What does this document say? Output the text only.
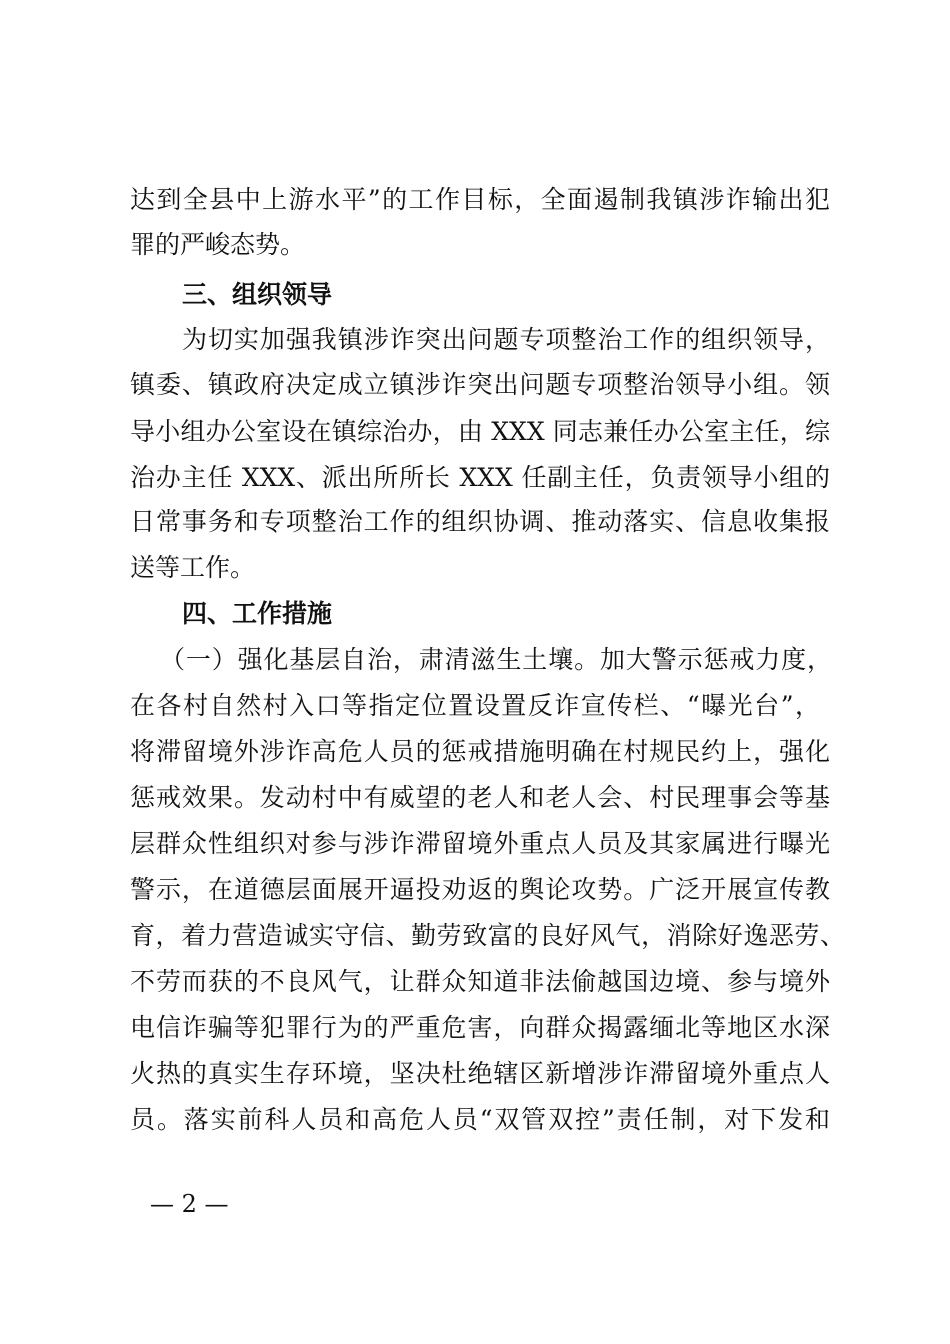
达到全县中上游水平”的工作目标，全面遏制我镇涉诈输出犯
罪的严峻态势。
三、组织领导
为切实加强我镇涉诈突出问题专项整治工作的组织领导，
镇委、镇政府决定成立镇涉诈突出问题专项整治领导小组。领
导小组办公室设在镇综治办，由 XXX 同志兼任办公室主任，综
治办主任 XXX、派出所所长 XXX 任副主任，负责领导小组的
日常事务和专项整治工作的组织协调、推动落实、信息收集报
送等工作。
四、工作措施
（一）强化基层自治，肃清滋生土壤。加大警示惩戒力度，
在各村自然村入口等指定位置设置反诈宣传栏、“曝光台”，
将滞留境外涉诈高危人员的惩戒措施明确在村规民约上，强化
惩戒效果。发动村中有威望的老人和老人会、村民理事会等基
层群众性组织对参与涉诈滞留境外重点人员及其家属进行曝光
警示，在道德层面展开逼投劝返的舆论攻势。广泛开展宣传教
育，着力营造诚实守信、勤劳致富的良好风气，消除好逸恶劳、
不劳而获的不良风气，让群众知道非法偷越国边境、参与境外
电信诈骗等犯罪行为的严重危害，向群众揭露缅北等地区水深
火热的真实生存环境，坚决杜绝辖区新增涉诈滞留境外重点人
员。落实前科人员和高危人员“双管双控”责任制，对下发和
— 2 —
